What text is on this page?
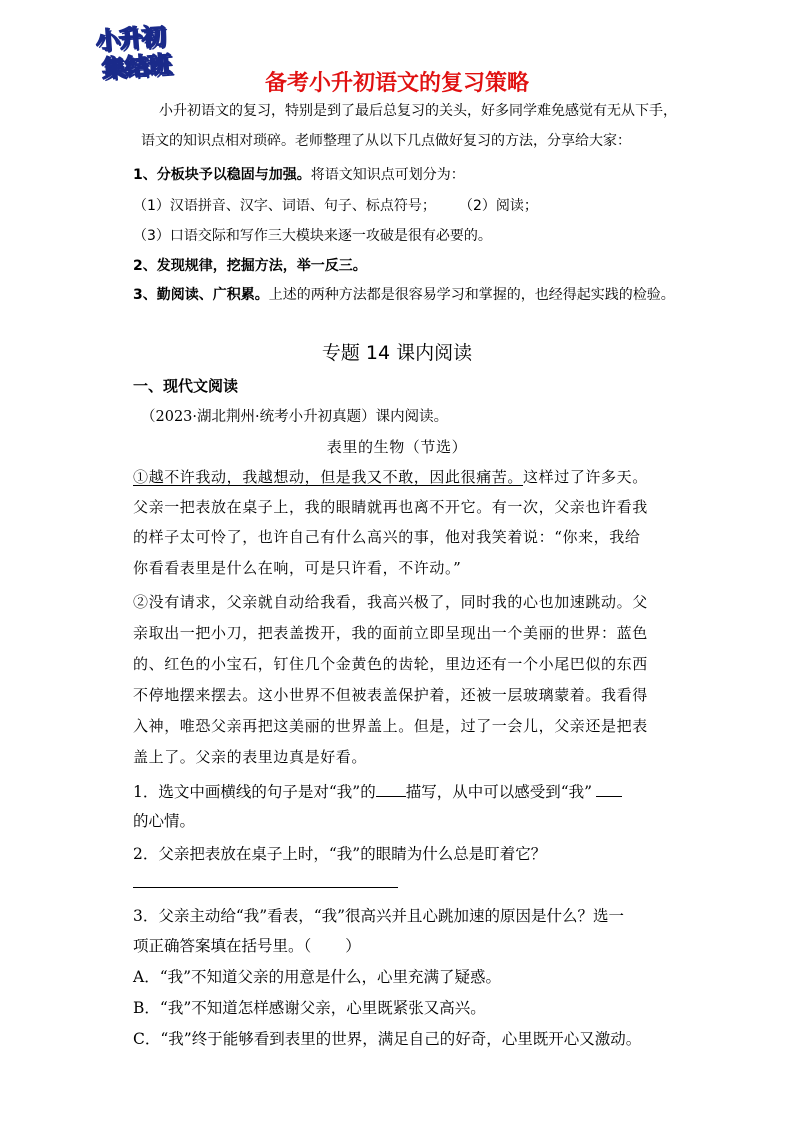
小升初
集结班
备考小升初语文的复习策略
小升初语文的复习，特别是到了最后总复习的关头，好多同学难免感觉有无从下手，
语文的知识点相对琐碎。老师整理了从以下几点做好复习的方法，分享给大家：
1、分板块予以稳固与加强。将语文知识点可划分为：
（1）汉语拼音、汉字、词语、句子、标点符号； （2）阅读；
（3）口语交际和写作三大模块来逐一攻破是很有必要的。
2、发现规律，挖掘方法，举一反三。
3、勤阅读、广积累。上述的两种方法都是很容易学习和掌握的，也经得起实践的检验。
专题 14 课内阅读
一、现代文阅读
（2023·湖北荆州·统考小升初真题）课内阅读。
表里的生物（节选）
①越不许我动，我越想动，但是我又不敢，因此很痛苦。这样过了许多天。
父亲一把表放在桌子上，我的眼睛就再也离不开它。有一次，父亲也许看我
的样子太可怜了，也许自己有什么高兴的事，他对我笑着说：“你来，我给
你看看表里是什么在响，可是只许看，不许动。”
②没有请求，父亲就自动给我看，我高兴极了，同时我的心也加速跳动。父
亲取出一把小刀，把表盖拨开，我的面前立即呈现出一个美丽的世界：蓝色
的、红色的小宝石，钉住几个金黄色的齿轮，里边还有一个小尾巴似的东西
不停地摆来摆去。这小世界不但被表盖保护着，还被一层玻璃蒙着。我看得
入神，唯恐父亲再把这美丽的世界盖上。但是，过了一会儿，父亲还是把表
盖上了。父亲的表里边真是好看。
1．选文中画横线的句子是对“我”的 描写，从中可以感受到“我”
的心情。
2．父亲把表放在桌子上时，“我”的眼睛为什么总是盯着它？
3．父亲主动给“我”看表，“我”很高兴并且心跳加速的原因是什么？选一
项正确答案填在括号里。（ ）
A．“我”不知道父亲的用意是什么，心里充满了疑惑。
B．“我”不知道怎样感谢父亲，心里既紧张又高兴。
C．“我”终于能够看到表里的世界，满足自己的好奇，心里既开心又激动。
